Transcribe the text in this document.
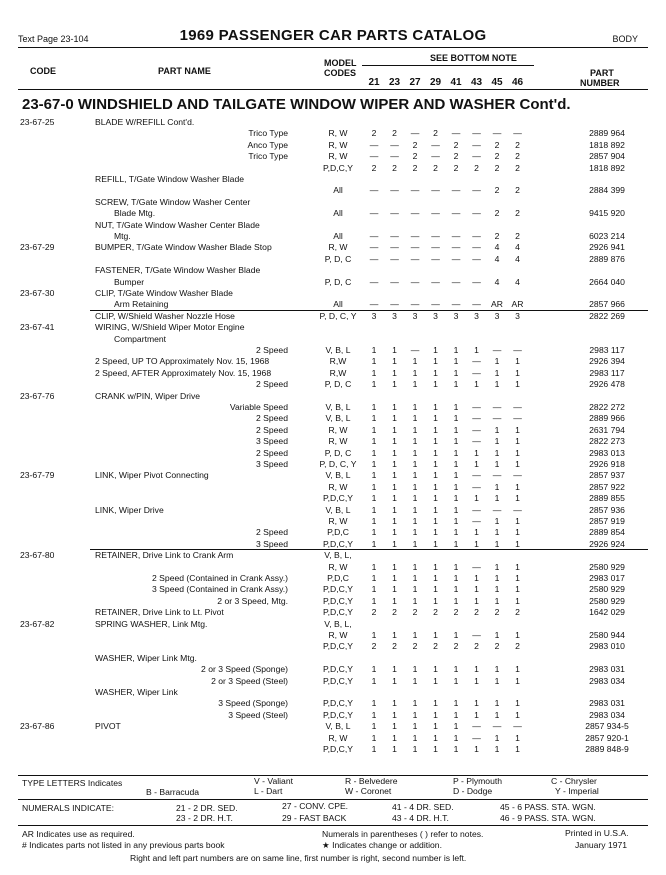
Text Page 23-104	1969 PASSENGER CAR PARTS CATALOG	BODY
CODE	PART NAME
MODEL
CODES
SEE BOTTOM NOTE
21 23 27 29 41 43 45 46
PART
NUMBER
23-67-0 WINDSHIELD AND TAILGATE WINDOW WIPER AND WASHER Cont'd.
23-67-25	BLADE W/REFILL Cont'd.
Trico Type	R, W	2	2	—	2	—	—	—	—	2889 964
Anco Type	R, W	—	—	2	—	2	—	2	2	1818 892
Trico Type	R, W	—	—	2	—	2	—	2	2	2857 904
P,D,C,Y	2	2	2	2	2	2	2	2	1818 892
REFILL, T/Gate Window Washer Blade
All	—	—	—	—	—	—	2	2	2884 399
SCREW, T/Gate Window Washer Center
Blade Mtg.	All	—	—	—	—	—	—	2	2	9415 920
NUT, T/Gate Window Washer Center Blade
Mtg.	All	—	—	—	—	—	—	2	2	6023 214
23-67-29	BUMPER, T/Gate Window Washer Blade Stop	R, W	—	—	—	—	—	—	4	4	2926 941
P, D, C	—	—	—	—	—	—	4	4	2889 876
FASTENER, T/Gate Window Washer Blade
Bumper	P, D, C	—	—	—	—	—	—	4	4	2664 040
23-67-30	CLIP, T/Gate Window Washer Blade
Arm Retaining	All	—	—	—	—	—	—	AR AR	2857 966
CLIP, W/Shield Washer Nozzle Hose	P, D, C, Y	3	3	3	3	3	3	3	3	2822 269
23-67-41	WIRING, W/Shield Wiper Motor Engine
Compartment
2 Speed	V, B, L	1	1	—	1	1	1	—	—	2983 117
2 Speed, UP TO Approximately Nov. 15, 1968	R,W	1	1	1	1	1	—	1	1	2926 394
2 Speed, AFTER Approximately Nov. 15, 1968	R,W	1	1	1	1	1	—	1	1	2983 117
2 Speed	P, D, C	1	1	1	1	1	1	1	1	2926 478
23-67-76	CRANK w/PIN, Wiper Drive
Variable Speed	V, B, L	1	1	1	1	1	—	—	—	2822 272
2 Speed	V, B, L	1	1	1	1	1	—	—	—	2889 966
2 Speed	R, W	1	1	1	1	1	—	1	1	2631 794
3 Speed	R, W	1	1	1	1	1	—	1	1	2822 273
2 Speed	P, D, C	1	1	1	1	1	1	1	1	2983 013
3 Speed	P, D, C, Y	1	1	1	1	1	1	1	1	2926 918
23-67-79	LINK, Wiper Pivot Connecting	V, B, L	1	1	1	1	1	—	—	—	2857 937
R, W	1	1	1	1	1	—	1	1	2857 922
P,D,C,Y	1	1	1	1	1	1	1	1	2889 855
LINK, Wiper Drive	V, B, L	1	1	1	1	1	—	—	—	2857 936
R, W	1	1	1	1	1	—	1	1	2857 919
2 Speed	P,D,C	1	1	1	1	1	1	1	1	2889 854
3 Speed	P,D,C,Y	1	1	1	1	1	1	1	1	2926 924
23-67-80	RETAINER, Drive Link to Crank Arm	V, B, L,
R, W	1	1	1	1	1	—	1	1	2580 929
2 Speed (Contained in Crank Assy.)	P,D,C	1	1	1	1	1	1	1	1	2983 017
3 Speed (Contained in Crank Assy.)	P,D,C,Y	1	1	1	1	1	1	1	1	2580 929
2 or 3 Speed, Mtg.	P,D,C,Y	1	1	1	1	1	1	1	1	2580 929
RETAINER, Drive Link to Lt. Pivot	P,D,C,Y	2	2	2	2	2	2	2	2	1642 029
23-67-82	SPRING WASHER, Link Mtg.	V, B, L,
R, W	1	1	1	1	1	—	1	1	2580 944
P,D,C,Y	2	2	2	2	2	2	2	2	2983 010
WASHER, Wiper Link Mtg.
2 or 3 Speed (Sponge)	P,D,C,Y	1	1	1	1	1	1	1	1	2983 031
2 or 3 Speed (Steel)	P,D,C,Y	1	1	1	1	1	1	1	1	2983 034
WASHER, Wiper Link
3 Speed (Sponge)	P,D,C,Y	1	1	1	1	1	1	1	1	2983 031
3 Speed (Steel)	P,D,C,Y	1	1	1	1	1	1	1	1	2983 034
23-67-86	PIVOT	V, B, L	1	1	1	1	1	—	—	—	2857 934-5
R, W	1	1	1	1	1	—	1	1	2857 920-1
P,D,C,Y	1	1	1	1	1	1	1	1	2889 848-9
TYPE LETTERS Indicates	V - Valiant	R - Belvedere	P - Plymouth	C - Chrysler
B - Barracuda	L - Dart	W - Coronet	D - Dodge	Y - Imperial
NUMERALS INDICATE:	21 - 2 DR. SED.	27 - CONV. CPE.	41 - 4 DR. SED.	45 - 6 PASS. STA. WGN.
23 - 2 DR. H.T.	29 - FAST BACK	43 - 4 DR. H.T.	46 - 9 PASS. STA. WGN.
AR Indicates use as required.
# Indicates parts not listed in any previous parts book
Numerals in parentheses ( ) refer to notes.
★ Indicates change or addition.
Printed in U.S.A.
January 1971
Right and left part numbers are on same line, first number is right, second number is left.
